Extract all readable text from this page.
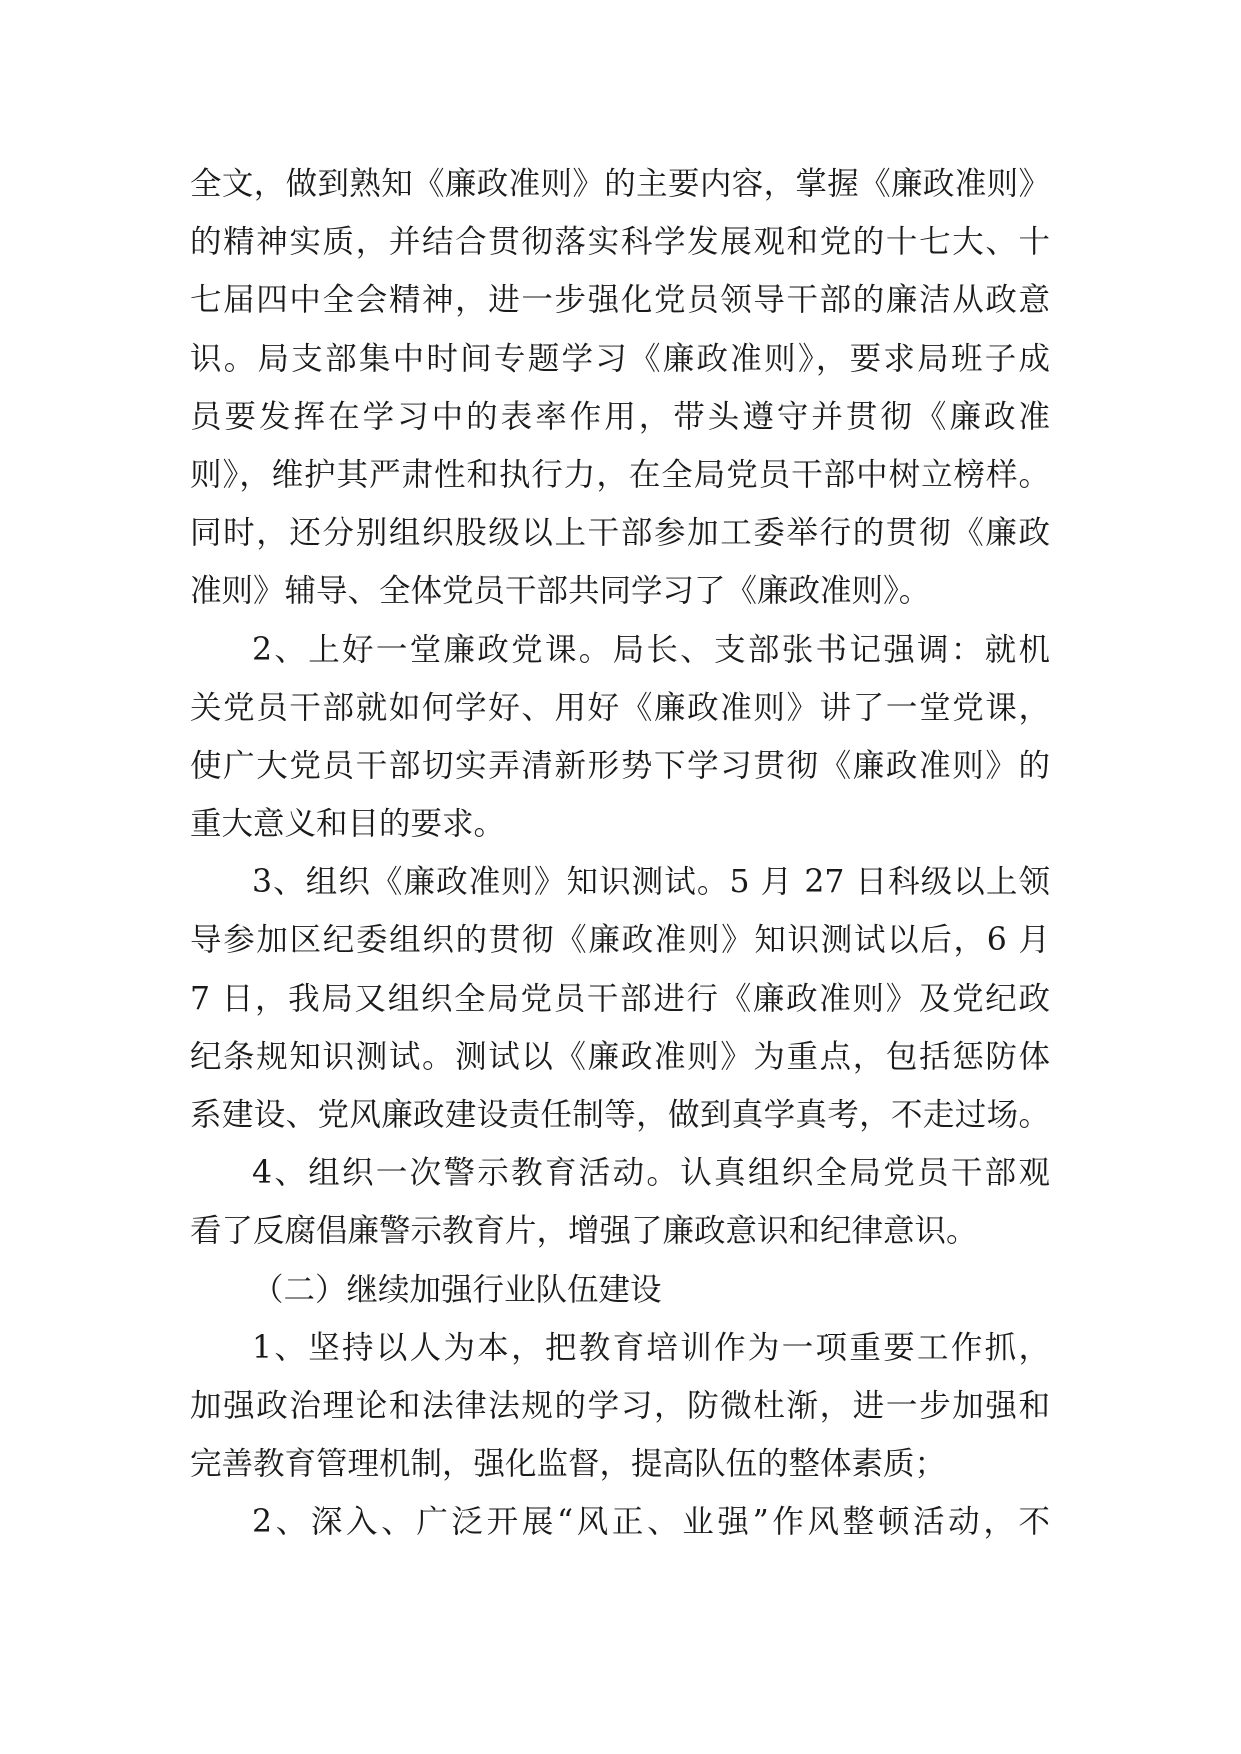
全文，做到熟知《廉政准则》的主要内容，掌握《廉政准则》
的精神实质，并结合贯彻落实科学发展观和党的十七大、十
七届四中全会精神，进一步强化党员领导干部的廉洁从政意
识。局支部集中时间专题学习《廉政准则》，要求局班子成
员要发挥在学习中的表率作用，带头遵守并贯彻《廉政准
则》，维护其严肃性和执行力，在全局党员干部中树立榜样。
同时，还分别组织股级以上干部参加工委举行的贯彻《廉政
准则》辅导、全体党员干部共同学习了《廉政准则》。
2、上好一堂廉政党课。局长、支部张书记强调：就机
关党员干部就如何学好、用好《廉政准则》讲了一堂党课，
使广大党员干部切实弄清新形势下学习贯彻《廉政准则》的
重大意义和目的要求。
3、组织《廉政准则》知识测试。5 月 27 日科级以上领
导参加区纪委组织的贯彻《廉政准则》知识测试以后，6 月
7 日，我局又组织全局党员干部进行《廉政准则》及党纪政
纪条规知识测试。测试以《廉政准则》为重点，包括惩防体
系建设、党风廉政建设责任制等，做到真学真考，不走过场。
4、组织一次警示教育活动。认真组织全局党员干部观
看了反腐倡廉警示教育片，增强了廉政意识和纪律意识。
（二）继续加强行业队伍建设
1、坚持以人为本，把教育培训作为一项重要工作抓，
加强政治理论和法律法规的学习，防微杜渐，进一步加强和
完善教育管理机制，强化监督，提高队伍的整体素质；
2、深入、广泛开展“风正、业强”作风整顿活动，不
